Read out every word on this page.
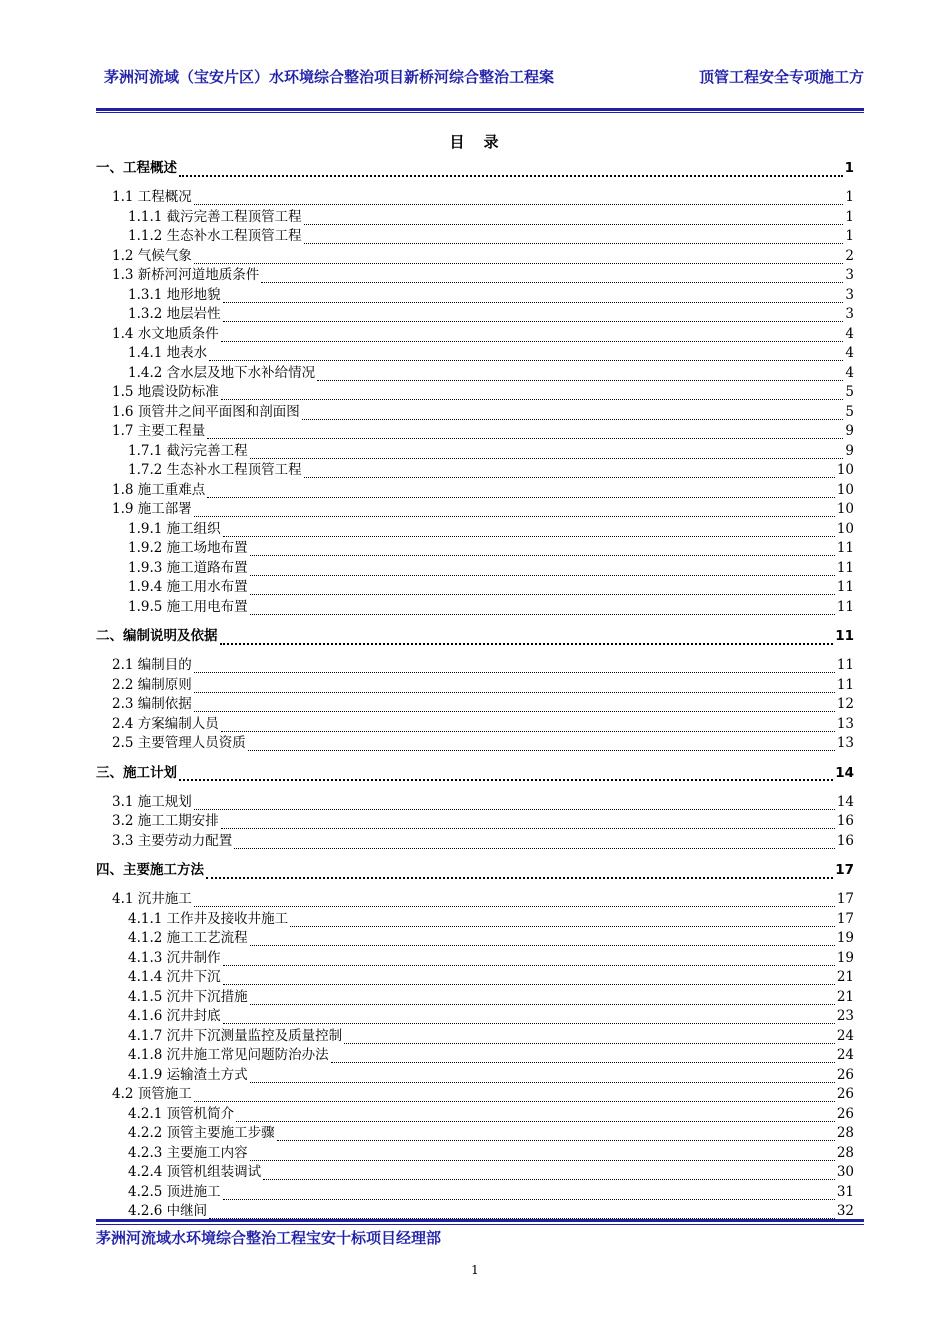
茅洲河流域（宝安片区）水环境综合整治项目新桥河综合整治工程案	顶管工程安全专项施工方
目　录
一、工程概述	1
1.1 工程概况	1
1.1.1 截污完善工程顶管工程	1
1.1.2 生态补水工程顶管工程	1
1.2 气候气象	2
1.3 新桥河河道地质条件	3
1.3.1 地形地貌	3
1.3.2 地层岩性	3
1.4 水文地质条件	4
1.4.1 地表水	4
1.4.2 含水层及地下水补给情况	4
1.5 地震设防标准	5
1.6 顶管井之间平面图和剖面图	5
1.7 主要工程量	9
1.7.1 截污完善工程	9
1.7.2 生态补水工程顶管工程	10
1.8 施工重难点	10
1.9 施工部署	10
1.9.1 施工组织	10
1.9.2 施工场地布置	11
1.9.3 施工道路布置	11
1.9.4 施工用水布置	11
1.9.5 施工用电布置	11
二、编制说明及依据	11
2.1 编制目的	11
2.2 编制原则	11
2.3 编制依据	12
2.4 方案编制人员	13
2.5 主要管理人员资质	13
三、施工计划	14
3.1 施工规划	14
3.2 施工工期安排	16
3.3 主要劳动力配置	16
四、主要施工方法	17
4.1 沉井施工	17
4.1.1 工作井及接收井施工	17
4.1.2 施工工艺流程	19
4.1.3 沉井制作	19
4.1.4 沉井下沉	21
4.1.5 沉井下沉措施	21
4.1.6 沉井封底	23
4.1.7 沉井下沉测量监控及质量控制	24
4.1.8 沉井施工常见问题防治办法	24
4.1.9 运输渣土方式	26
4.2 顶管施工	26
4.2.1 顶管机简介	26
4.2.2 顶管主要施工步骤	28
4.2.3 主要施工内容	28
4.2.4 顶管机组装调试	30
4.2.5 顶进施工	31
4.2.6 中继间	32
茅洲河流域水环境综合整治工程宝安十标项目经理部
1
